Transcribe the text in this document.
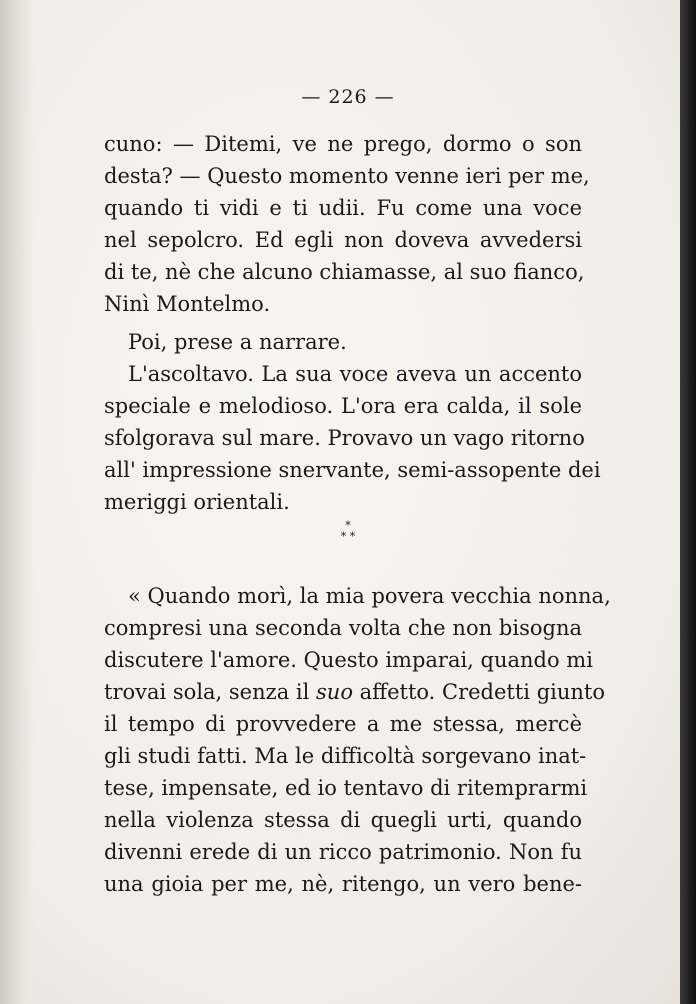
— 226 —
cuno: — Ditemi, ve ne prego, dormo o son
desta? — Questo momento venne ieri per me,
quando ti vidi e ti udii. Fu come una voce
nel sepolcro. Ed egli non doveva avvedersi
di te, nè che alcuno chiamasse, al suo fianco,
Ninì Montelmo.
Poi, prese a narrare.
L'ascoltavo. La sua voce aveva un accento
speciale e melodioso. L'ora era calda, il sole
sfolgorava sul mare. Provavo un vago ritorno
all' impressione snervante, semi-assopente dei
meriggi orientali.
*
* *
« Quando morì, la mia povera vecchia nonna,
compresi una seconda volta che non bisogna
discutere l'amore. Questo imparai, quando mi
trovai sola, senza il suo affetto. Credetti giunto
il tempo di provvedere a me stessa, mercè
gli studi fatti. Ma le difficoltà sorgevano inat-
tese, impensate, ed io tentavo di ritemprarmi
nella violenza stessa di quegli urti, quando
divenni erede di un ricco patrimonio. Non fu
una gioia per me, nè, ritengo, un vero bene-
